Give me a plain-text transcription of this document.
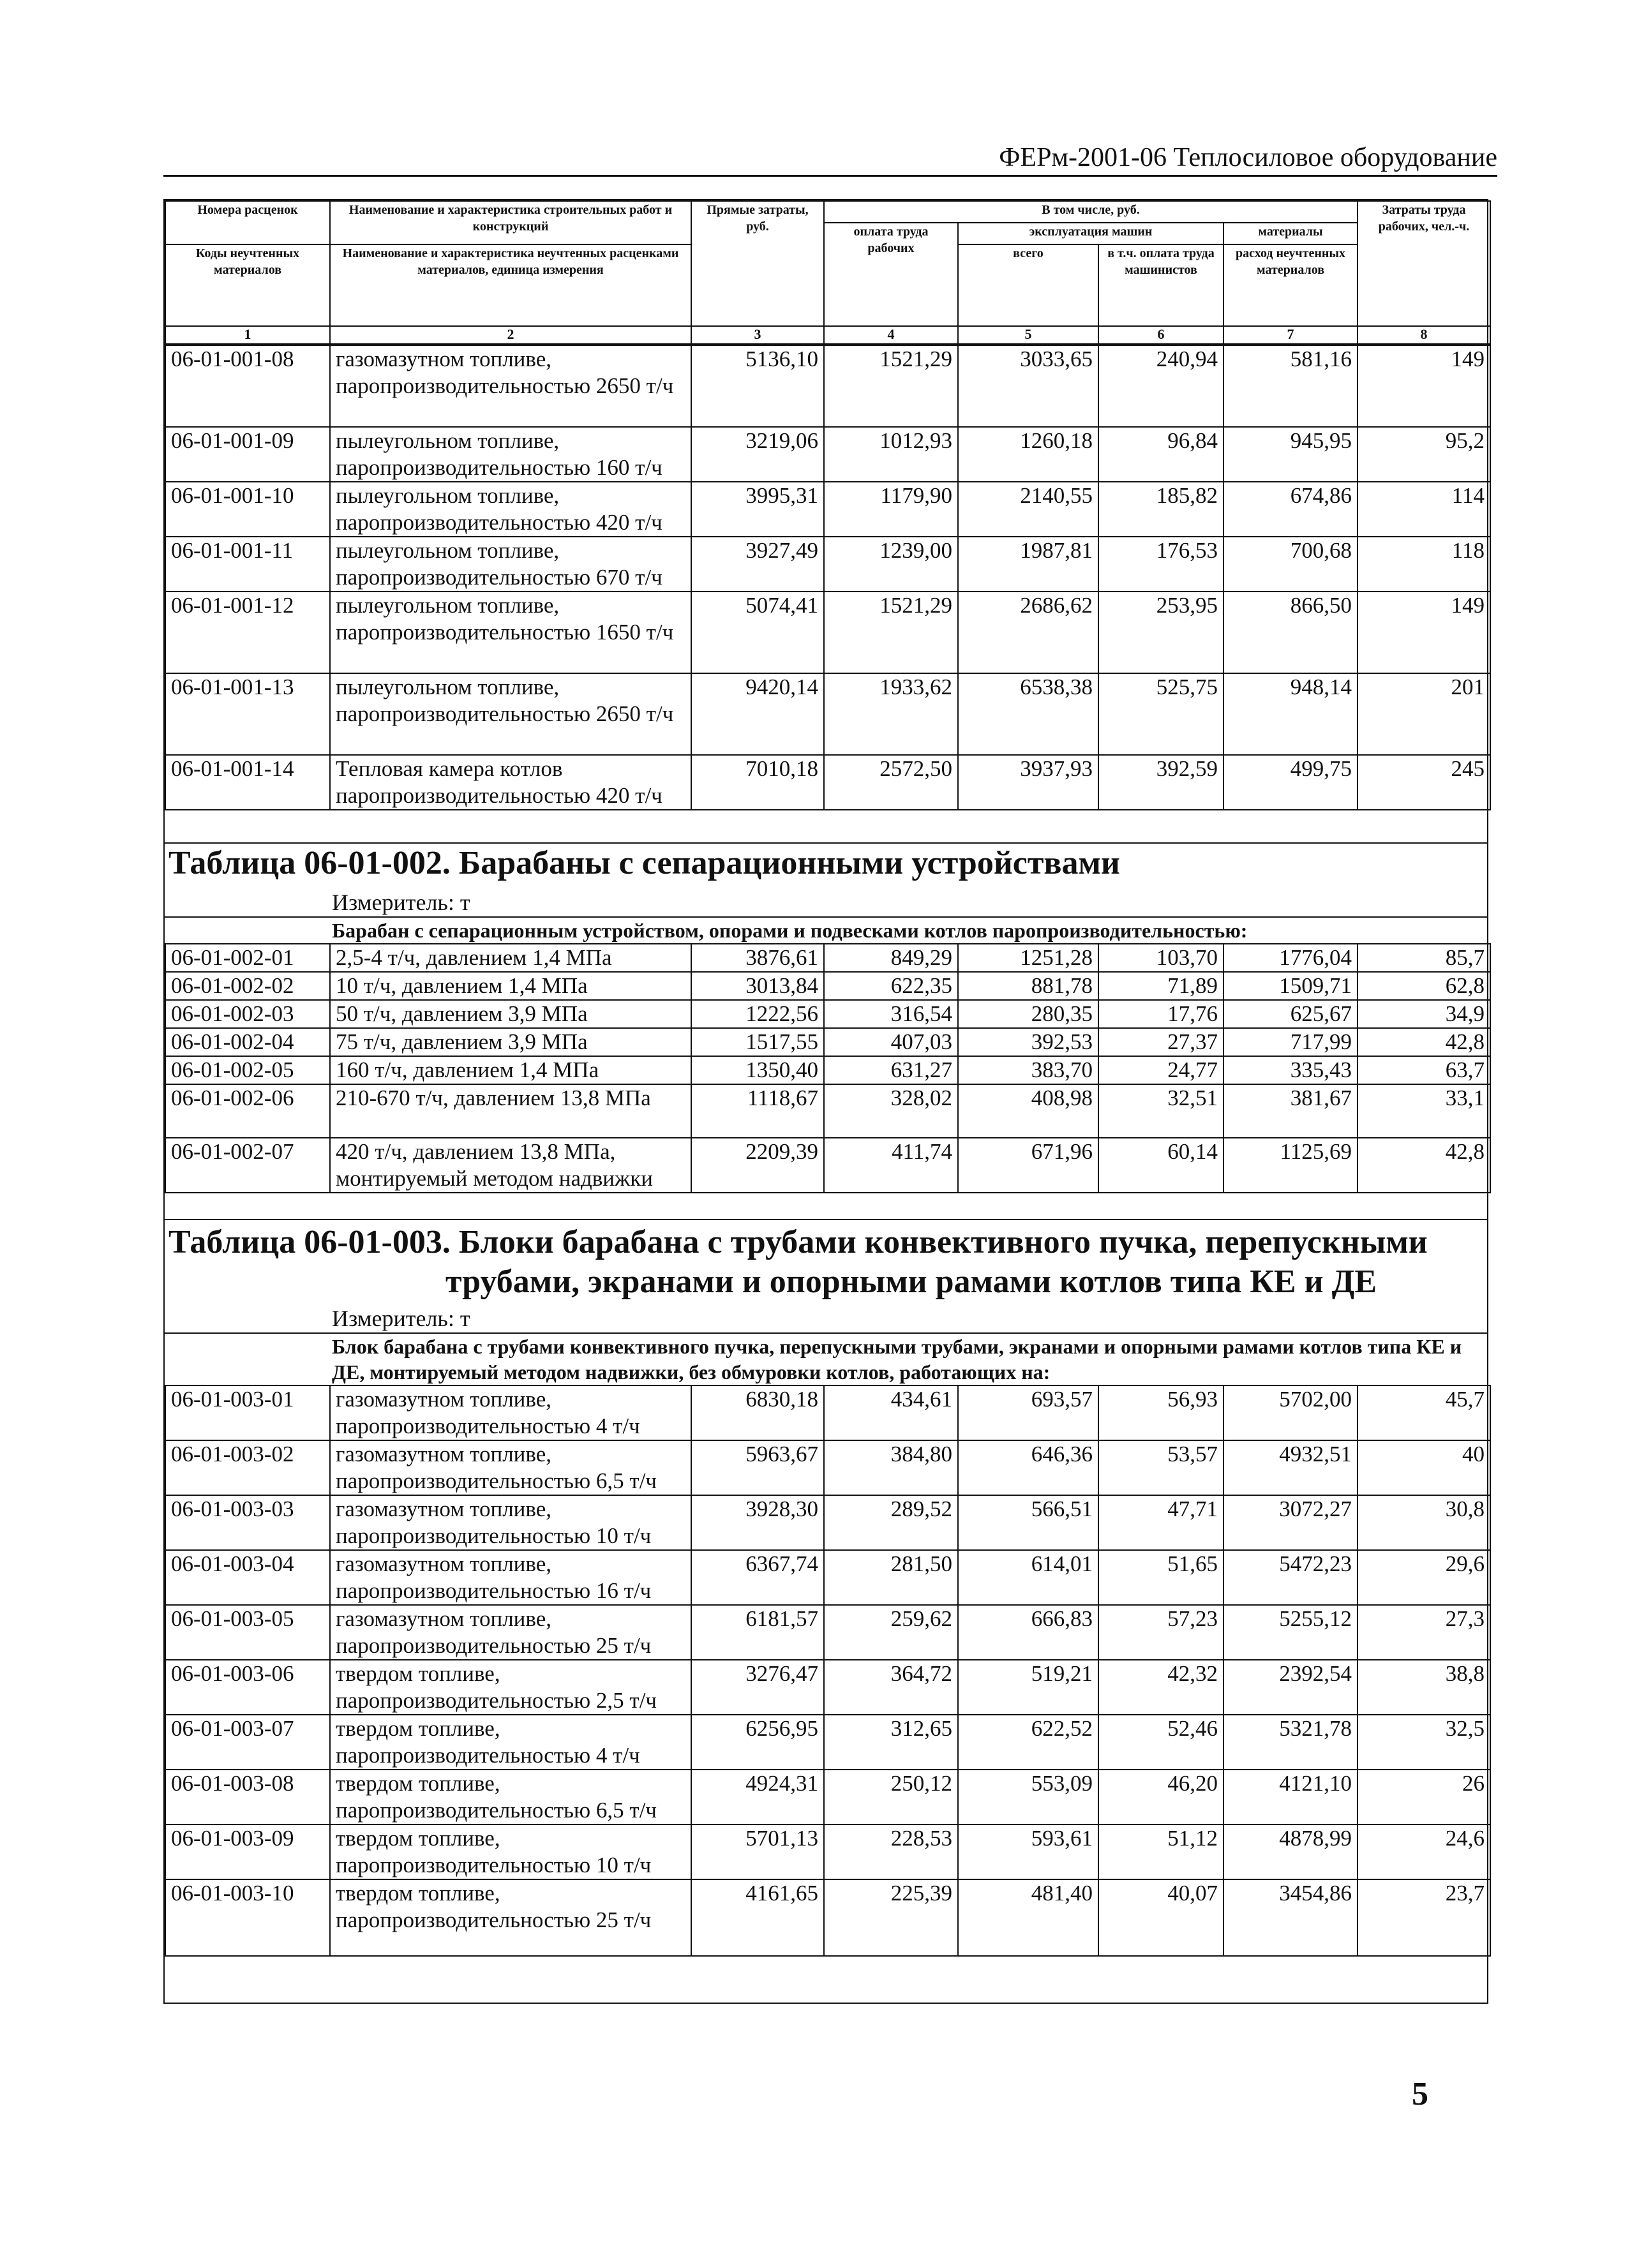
ФЕРм-2001-06 Теплосиловое оборудование
Номера расценок	Наименование и характеристика строительных работ и конструкций	Прямые затраты, руб.	В том числе, руб.				Затраты труда рабочих, чел.-ч.
			оплата труда рабочих	эксплуатация машин		материалы	
Коды неучтенных материалов	Наименование и характеристика неучтенных расценками материалов, единица измерения			всего	в т.ч. оплата труда машинистов	расход неучтенных материалов	

1	2	3	4	5	6	7	8
06-01-001-08	газомазутном топливе, паропроизводительностью 2650 т/ч	5136,10	1521,29	3033,65	240,94	581,16	149
06-01-001-09	пылеугольном топливе, паропроизводительностью 160 т/ч	3219,06	1012,93	1260,18	96,84	945,95	95,2
06-01-001-10	пылеугольном топливе, паропроизводительностью 420 т/ч	3995,31	1179,90	2140,55	185,82	674,86	114
06-01-001-11	пылеугольном топливе, паропроизводительностью 670 т/ч	3927,49	1239,00	1987,81	176,53	700,68	118
06-01-001-12	пылеугольном топливе, паропроизводительностью 1650 т/ч	5074,41	1521,29	2686,62	253,95	866,50	149
06-01-001-13	пылеугольном топливе, паропроизводительностью 2650 т/ч	9420,14	1933,62	6538,38	525,75	948,14	201
06-01-001-14	Тепловая камера котлов паропроизводительностью 420 т/ч	7010,18	2572,50	3937,93	392,59	499,75	245
Таблица 06-01-002. Барабаны с сепарационными устройствами
Измеритель: т
Барабан с сепарационным устройством, опорами и подвесками котлов паропроизводительностью:
06-01-002-01	2,5-4 т/ч, давлением 1,4 МПа	3876,61	849,29	1251,28	103,70	1776,04	85,7
06-01-002-02	10 т/ч, давлением 1,4 МПа	3013,84	622,35	881,78	71,89	1509,71	62,8
06-01-002-03	50 т/ч, давлением 3,9 МПа	1222,56	316,54	280,35	17,76	625,67	34,9
06-01-002-04	75 т/ч, давлением 3,9 МПа	1517,55	407,03	392,53	27,37	717,99	42,8
06-01-002-05	160 т/ч, давлением 1,4 МПа	1350,40	631,27	383,70	24,77	335,43	63,7
06-01-002-06	210-670 т/ч, давлением 13,8 МПа	1118,67	328,02	408,98	32,51	381,67	33,1
06-01-002-07	420 т/ч, давлением 13,8 МПа, монтируемый методом надвижки	2209,39	411,74	671,96	60,14	1125,69	42,8
Таблица 06-01-003. Блоки барабана с трубами конвективного пучка, перепускными
трубами, экранами и опорными рамами котлов типа КЕ и ДЕ
Измеритель: т
Блок барабана с трубами конвективного пучка, перепускными трубами, экранами и опорными рамами котлов типа КЕ и ДЕ, монтируемый методом надвижки, без обмуровки котлов, работающих на:
06-01-003-01	газомазутном топливе, паропроизводительностью 4 т/ч	6830,18	434,61	693,57	56,93	5702,00	45,7
06-01-003-02	газомазутном топливе, паропроизводительностью 6,5 т/ч	5963,67	384,80	646,36	53,57	4932,51	40
06-01-003-03	газомазутном топливе, паропроизводительностью 10 т/ч	3928,30	289,52	566,51	47,71	3072,27	30,8
06-01-003-04	газомазутном топливе, паропроизводительностью 16 т/ч	6367,74	281,50	614,01	51,65	5472,23	29,6
06-01-003-05	газомазутном топливе, паропроизводительностью 25 т/ч	6181,57	259,62	666,83	57,23	5255,12	27,3
06-01-003-06	твердом топливе, паропроизводительностью 2,5 т/ч	3276,47	364,72	519,21	42,32	2392,54	38,8
06-01-003-07	твердом топливе, паропроизводительностью 4 т/ч	6256,95	312,65	622,52	52,46	5321,78	32,5
06-01-003-08	твердом топливе, паропроизводительностью 6,5 т/ч	4924,31	250,12	553,09	46,20	4121,10	26
06-01-003-09	твердом топливе, паропроизводительностью 10 т/ч	5701,13	228,53	593,61	51,12	4878,99	24,6
06-01-003-10	твердом топливе, паропроизводительностью 25 т/ч	4161,65	225,39	481,40	40,07	3454,86	23,7
5
